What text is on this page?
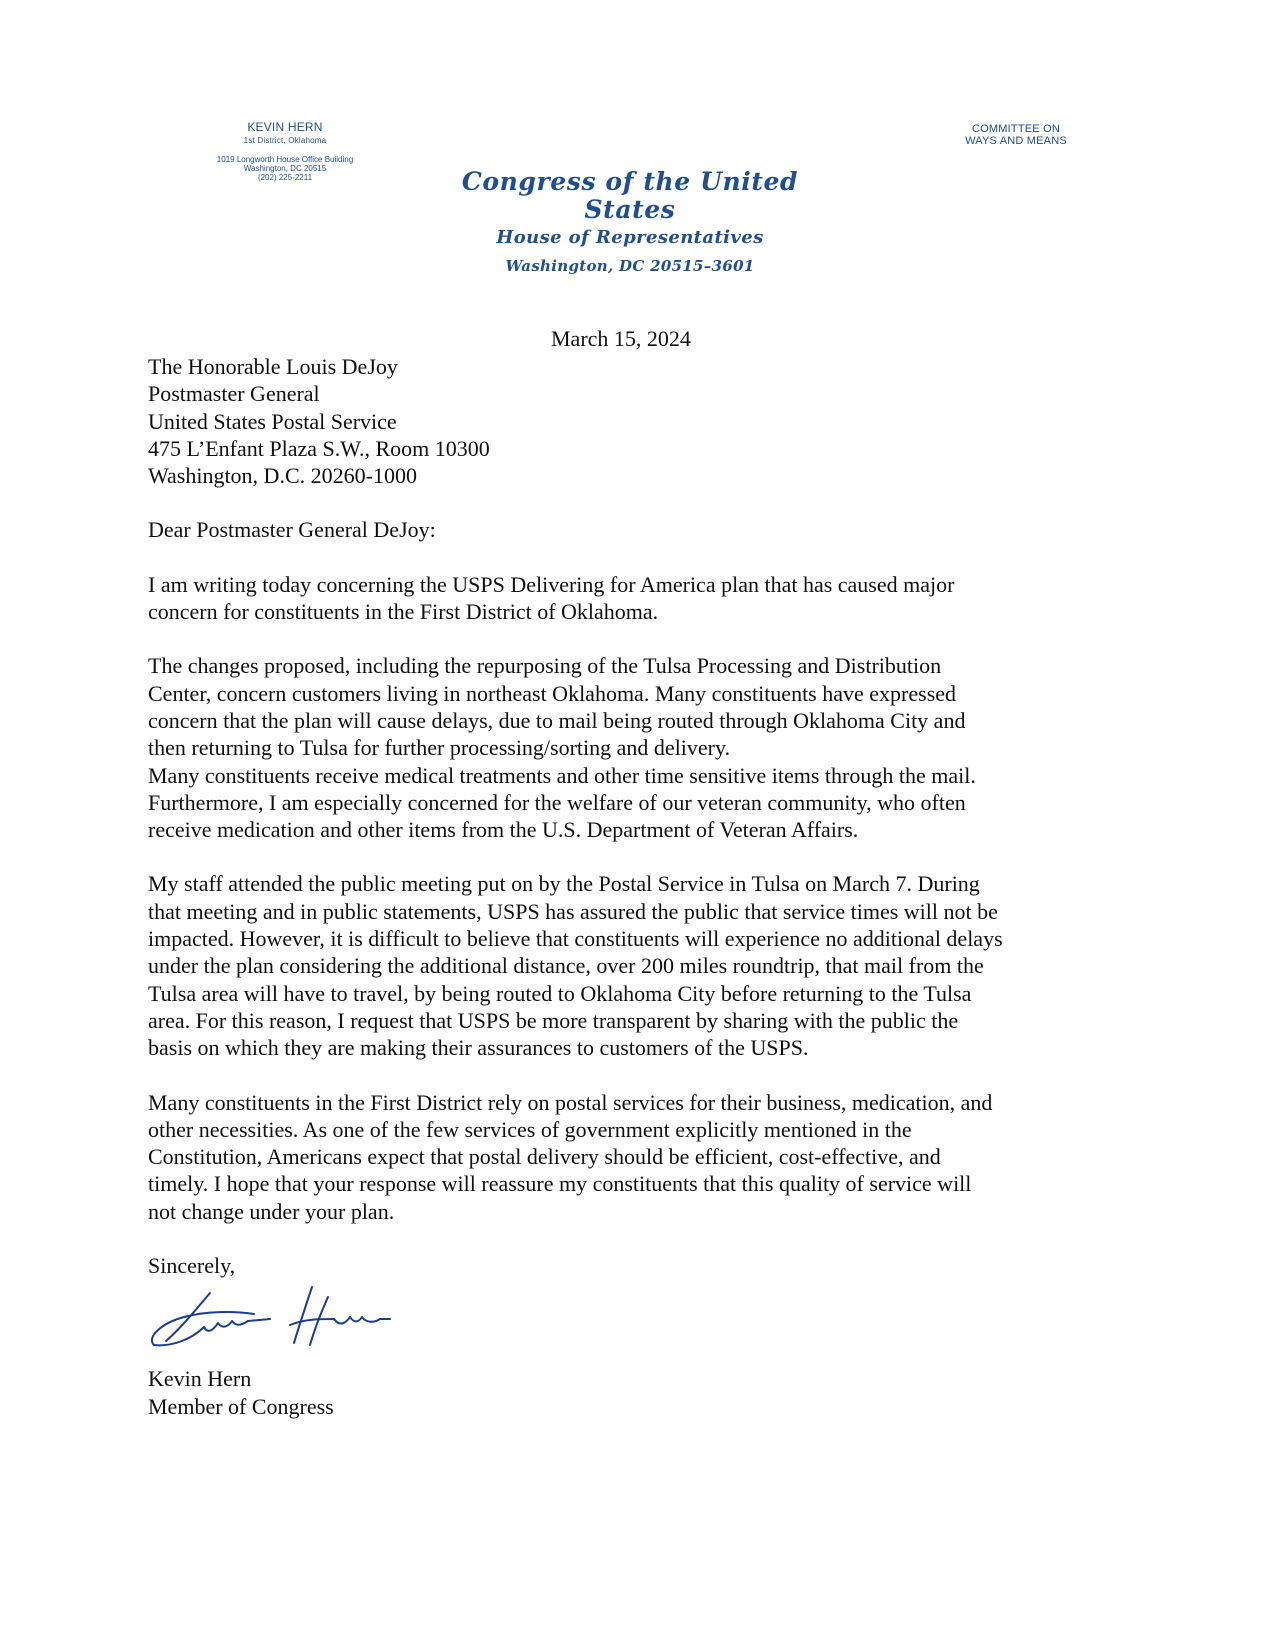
KEVIN HERN
1st District, Oklahoma
1019 Longworth House Office Building
Washington, DC 20515
(202) 225-2211
COMMITTEE ON
WAYS AND MEANS
Congress of the United States
House of Representatives
Washington, DC 20515–3601
March 15, 2024

The Honorable Louis DeJoy

Postmaster General

United States Postal Service

475 L’Enfant Plaza S.W., Room 10300

Washington, D.C. 20260-1000

Dear Postmaster General DeJoy:

I am writing today concerning the USPS Delivering for America plan that has caused major

concern for constituents in the First District of Oklahoma.

The changes proposed, including the repurposing of the Tulsa Processing and Distribution

Center, concern customers living in northeast Oklahoma. Many constituents have expressed

concern that the plan will cause delays, due to mail being routed through Oklahoma City and

then returning to Tulsa for further processing/sorting and delivery.

Many constituents receive medical treatments and other time sensitive items through the mail.

Furthermore, I am especially concerned for the welfare of our veteran community, who often

receive medication and other items from the U.S. Department of Veteran Affairs.

My staff attended the public meeting put on by the Postal Service in Tulsa on March 7. During

that meeting and in public statements, USPS has assured the public that service times will not be

impacted. However, it is difficult to believe that constituents will experience no additional delays

under the plan considering the additional distance, over 200 miles roundtrip, that mail from the

Tulsa area will have to travel, by being routed to Oklahoma City before returning to the Tulsa

area. For this reason, I request that USPS be more transparent by sharing with the public the

basis on which they are making their assurances to customers of the USPS.

Many constituents in the First District rely on postal services for their business, medication, and

other necessities. As one of the few services of government explicitly mentioned in the

Constitution, Americans expect that postal delivery should be efficient, cost-effective, and

timely. I hope that your response will reassure my constituents that this quality of service will

not change under your plan.

Sincerely,

Kevin Hern

Member of Congress
